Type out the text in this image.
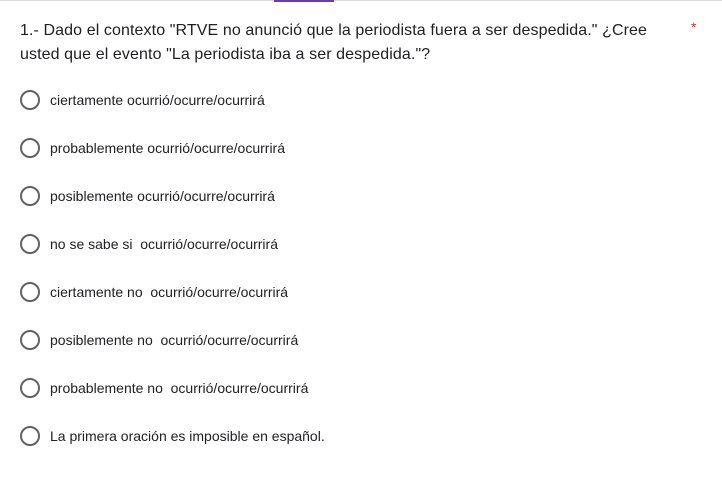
1.- Dado el contexto "RTVE no anunció que la periodista fuera a ser despedida." ¿Cree usted que el evento "La periodista iba a ser despedida."?
*
ciertamente ocurrió/ocurre/ocurrirá
probablemente ocurrió/ocurre/ocurrirá
posiblemente ocurrió/ocurre/ocurrirá
no se sabe si  ocurrió/ocurre/ocurrirá
ciertamente no  ocurrió/ocurre/ocurrirá
posiblemente no  ocurrió/ocurre/ocurrirá
probablemente no  ocurrió/ocurre/ocurrirá
La primera oración es imposible en español.
